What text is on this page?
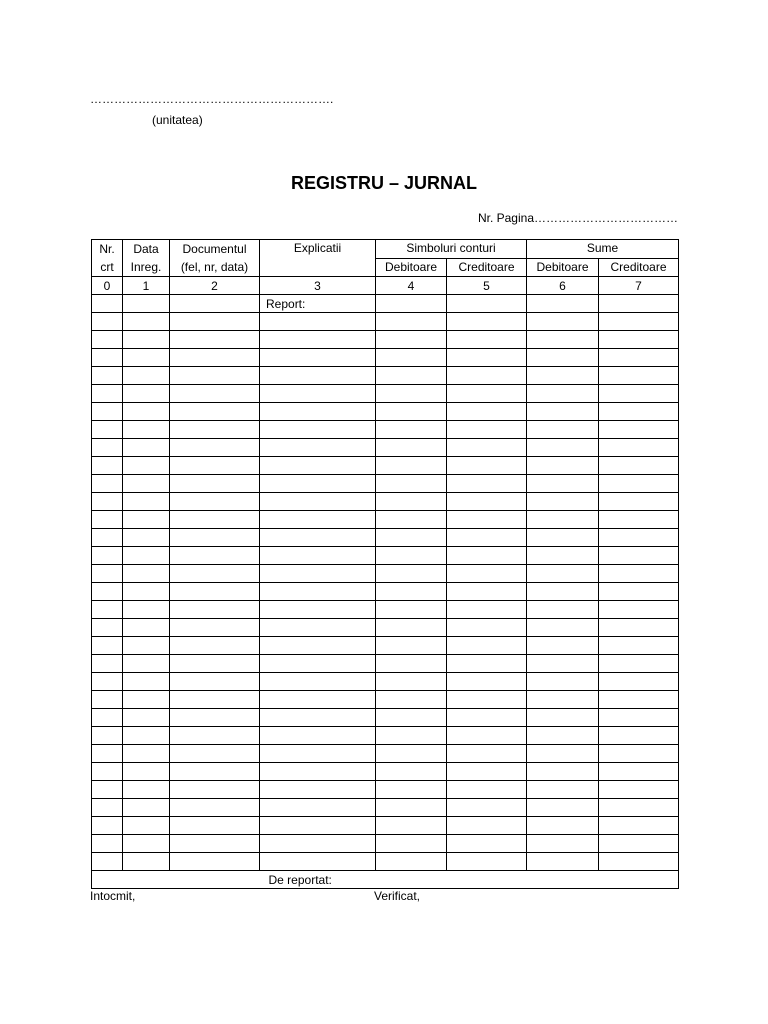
…………………………………………………….
(unitatea)
REGISTRU – JURNAL
Nr. Pagina………………………………
Nr. crt	Data Inreg.	Documentul (fel, nr, data)	Explicatii	Simboluri conturi		Sume	
				Debitoare	Creditoare	Debitoare	Creditoare
0	1	2	3	4	5	6	7
			Report:				

			De reportat:				
Intocmit,	Verificat,
